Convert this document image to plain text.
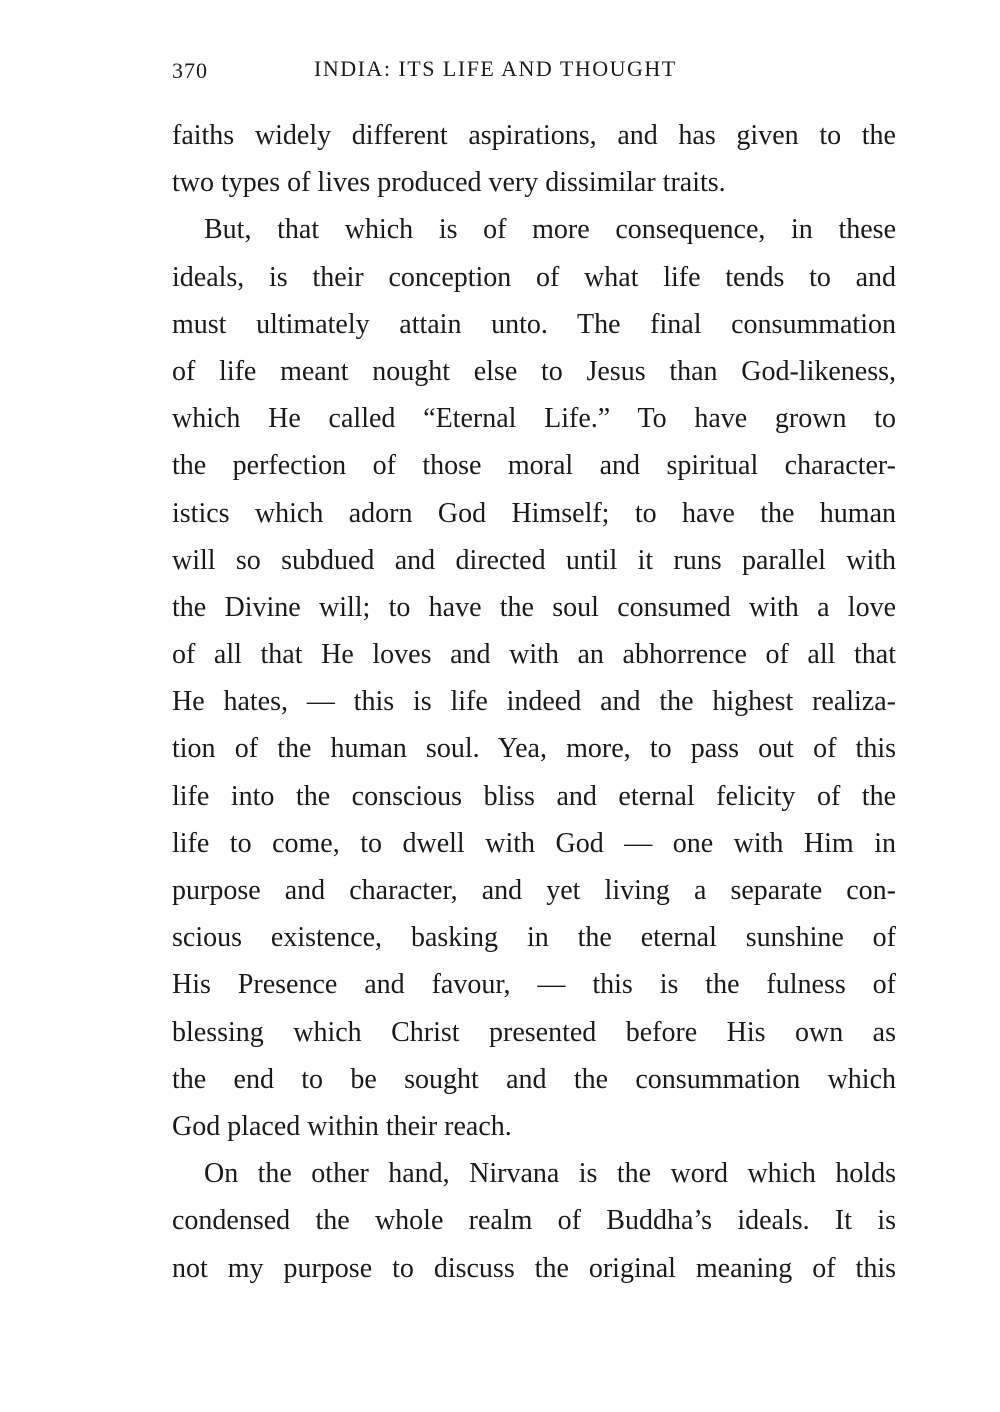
370	INDIA: ITS LIFE AND THOUGHT
faiths widely different aspirations, and has given to the
two types of lives produced very dissimilar traits.
But, that which is of more consequence, in these
ideals, is their conception of what life tends to and
must ultimately attain unto. The final consummation
of life meant nought else to Jesus than God-likeness,
which He called “Eternal Life.” To have grown to
the perfection of those moral and spiritual character-
istics which adorn God Himself; to have the human
will so subdued and directed until it runs parallel with
the Divine will; to have the soul consumed with a love
of all that He loves and with an abhorrence of all that
He hates, — this is life indeed and the highest realiza-
tion of the human soul. Yea, more, to pass out of this
life into the conscious bliss and eternal felicity of the
life to come, to dwell with God — one with Him in
purpose and character, and yet living a separate con-
scious existence, basking in the eternal sunshine of
His Presence and favour, — this is the fulness of
blessing which Christ presented before His own as
the end to be sought and the consummation which
God placed within their reach.
On the other hand, Nirvana is the word which holds
condensed the whole realm of Buddha’s ideals. It is
not my purpose to discuss the original meaning of this
